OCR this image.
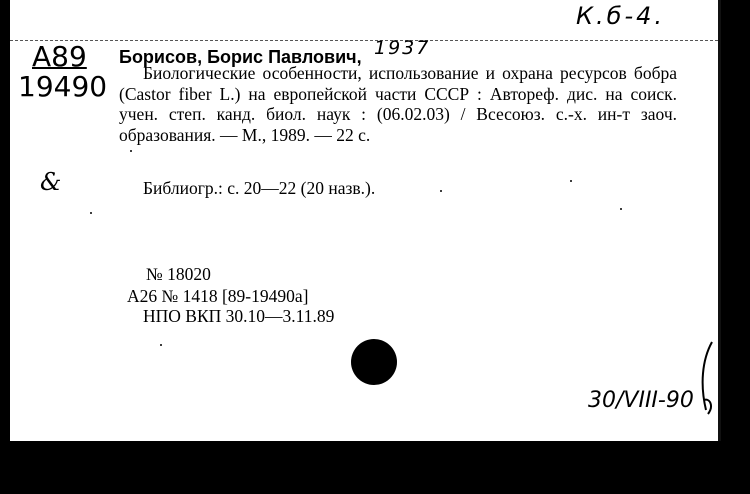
К.б-4.
А89
19490
Борисов, Борис Павлович, 1937
Биологические особенности, использование и охрана ресурсов бобра (Castor fiber L.) на европейской части СССР : Автореф. дис. на соиск. учен. степ. канд. биол. наук : (06.02.03) / Всесоюз. с.-х. ин-т заоч. образования. — М., 1989. — 22 с.
&	Библиогр.: с. 20—22 (20 назв.).
№ 18020
А26 № 1418 [89-19490а]
НПО ВКП 30.10—3.11.89
30/VIII-90
